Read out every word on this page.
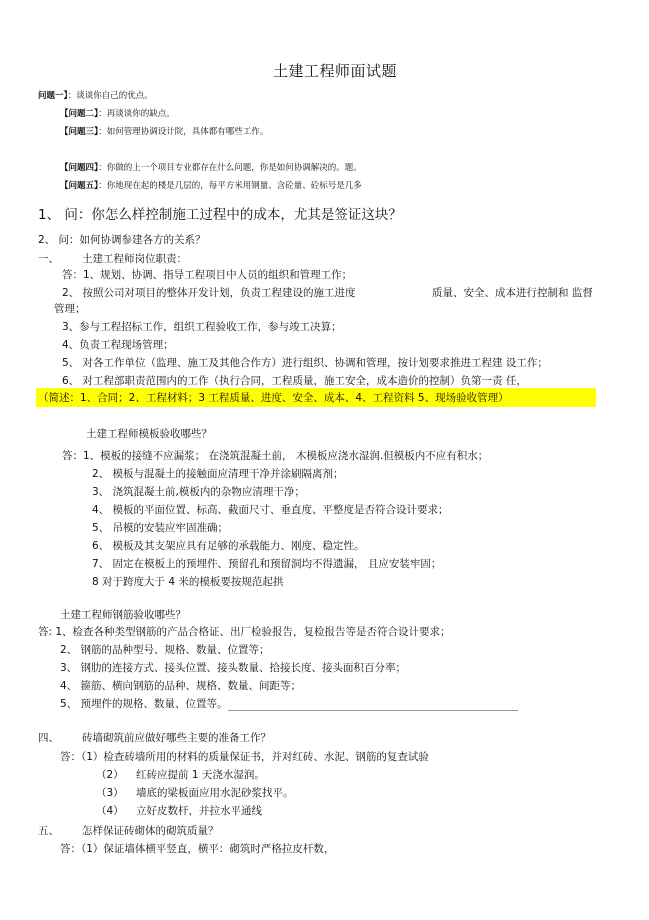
土建工程师面试题
问题一】：谈谈你自己的优点。
【问题二】：再谈谈你的缺点。
【问题三】：如何管理协调设计院，具体都有哪些工作。
【问题四】：你做的上一个项目专业都存在什么问题，你是如何协调解决的。题。
【问题五】：你地现在起的楼是几层的，每平方米用钢量、含砼量、砼标号是几多
1、 问：你怎么样控制施工过程中的成本，尤其是签证这块？
2、 问：如何协调参建各方的关系？
一、 土建工程师岗位职责：
答：1、规划、协调、指导工程项目中人员的组织和管理工作；
2、 按照公司对项目的整体开发计划，负责工程建设的施工进度	质量、安全、成本进行控制和 监督
管理；
3、参与工程招标工作，组织工程验收工作，参与竣工决算；
4、负责工程现场管理；
5、 对各工作单位（监理、施工及其他合作方）进行组织、协调和管理，按计划要求推进工程建 设工作；
6、 对工程部职责范围内的工作（执行合同，工程质量，施工安全，成本造价的控制）负第一责 任，
（简述：1、合同；2、工程材料；3 工程质量、进度、安全、成本、4、工程资料 5、现场验收管理）
土建工程师模板验收哪些？
答：1、模板的接缝不应漏浆； 在浇筑混凝土前， 木模板应浇水湿润.但模板内不应有积水；
2、 模板与混凝土的接触面应清理干净并涂刷隔离剂；
3、 浇筑混凝土前,模板内的杂物应清理干净；
4、 模板的平面位置、标高、截面尺寸、垂直度、平整度是否符合设计要求；
5、 吊模的安装应牢固准确；
6、 模板及其支架应具有足够的承载能力、刚度、稳定性。
7、 固定在模板上的预埋件、预留孔和预留洞均不得遗漏， 且应安装牢固；
8 对于跨度大于 4 米的模板要按规范起拱
土建工程师钢筋验收哪些？
答: 1、检查各种类型钢筋的产品合格证、出厂检验报告，复检报告等是否符合设计要求；
2、 钢筋的品种型号、规格、数量、位置等；
3、 钢肋的连接方式、接头位置、接头数量、拾接长度、接头面积百分率；
4、 箍筋、横向钢筋的品种、规格、数量、间距等；
5、 预埋件的规格、数量、位置等。
四、 砖墙砌筑前应做好哪些主要的准备工作？
答：（1）检查砖墙所用的材料的质量保证书，并对红砖、水泥、钢筋的复查试验
（2） 红砖应提前 1 天浇水湿润。
（3） 墙底的梁板面应用水泥砂浆找平。
（4） 立好皮数杆，并拉水平通线
五、 怎样保证砖砌体的砌筑质量？
答：（1）保证墙体横平竖直，横平：砌筑时严格拉皮杆数，
